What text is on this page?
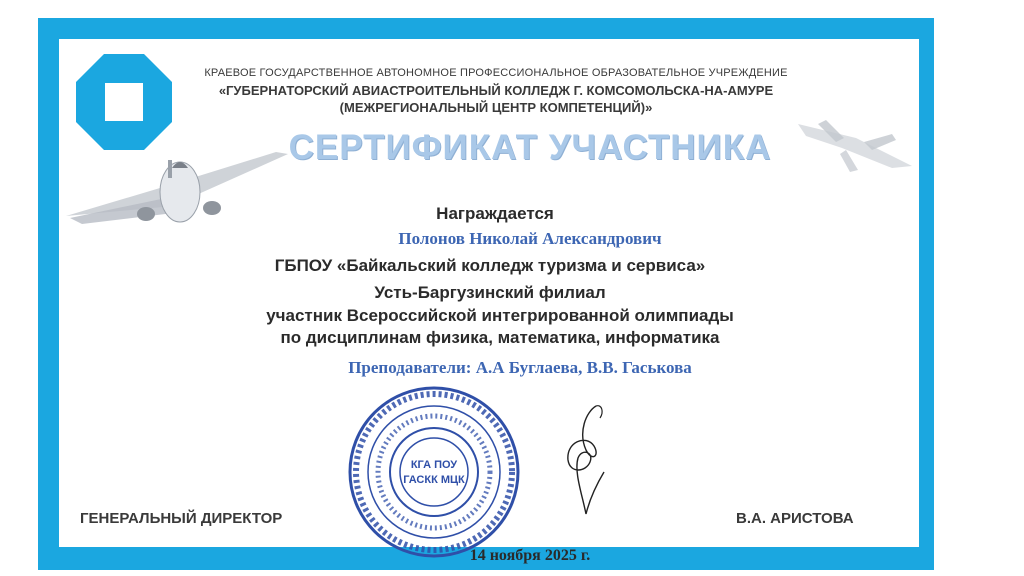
КРАЕВОЕ ГОСУДАРСТВЕННОЕ АВТОНОМНОЕ ПРОФЕССИОНАЛЬНОЕ ОБРАЗОВАТЕЛЬНОЕ УЧРЕЖДЕНИЕ
«ГУБЕРНАТОРСКИЙ АВИАСТРОИТЕЛЬНЫЙ КОЛЛЕДЖ Г. КОМСОМОЛЬСКА-НА-АМУРЕ
(МЕЖРЕГИОНАЛЬНЫЙ ЦЕНТР КОМПЕТЕНЦИЙ)»
СЕРТИФИКАТ УЧАСТНИКА
Награждается
Полонов Николай Александрович
ГБПОУ «Байкальский колледж туризма и сервиса»
Усть-Баргузинский филиал
участник Всероссийской интегрированной олимпиады
по дисциплинам физика, математика, информатика
Преподаватели: А.А Буглаева, В.В. Гаськова
КГА ПОУ
ГАСКК МЦК
ГЕНЕРАЛЬНЫЙ ДИРЕКТОР	В.А. АРИСТОВА
14 ноября 2025 г.
